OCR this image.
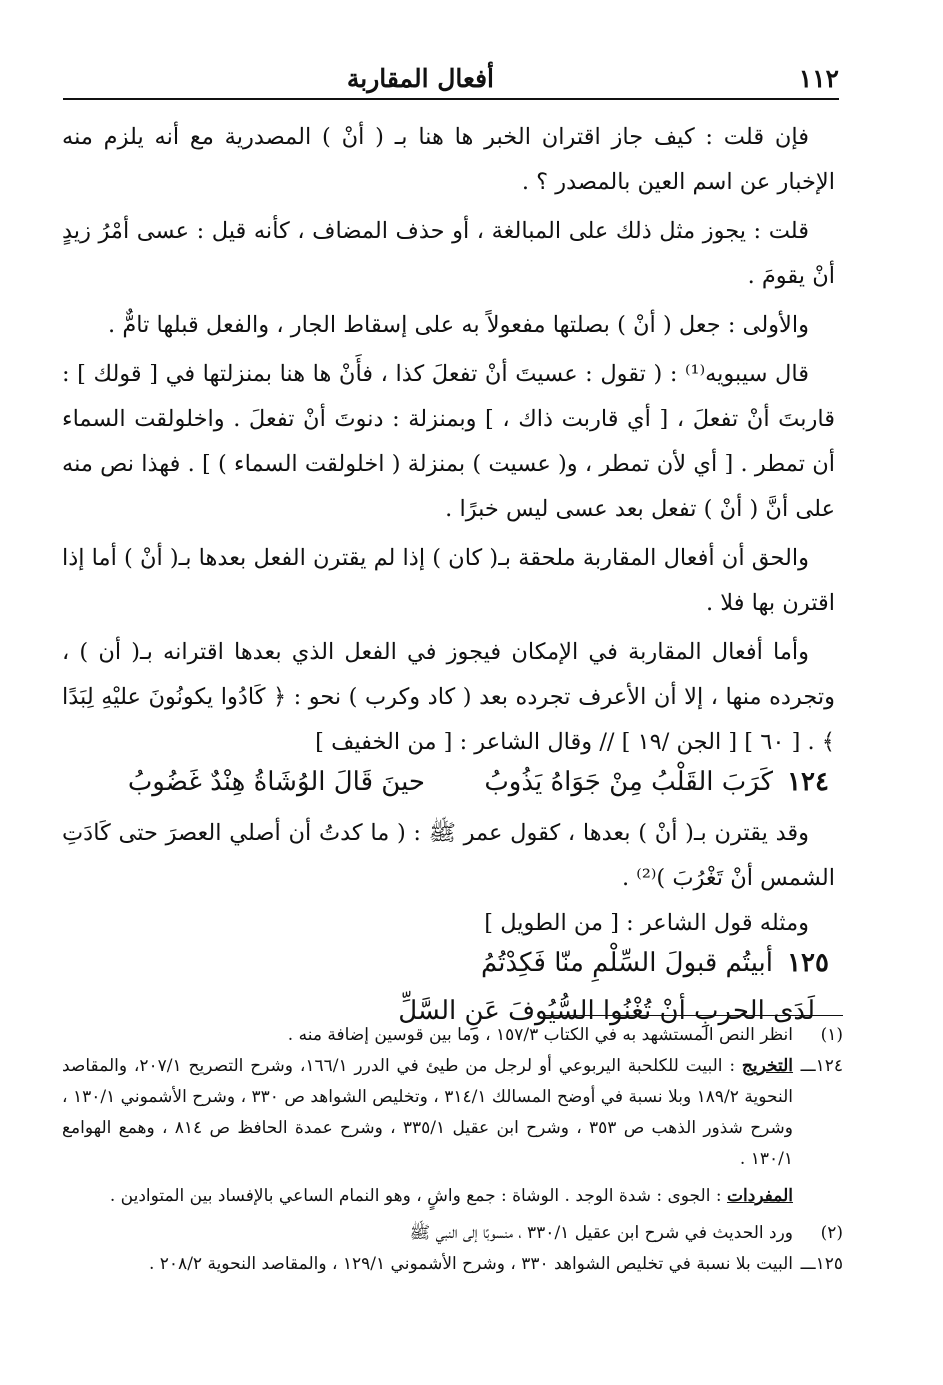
١١٢
أفعال المقاربة

فإن قلت : كيف جاز اقتران الخبر ها هنا بـ ( أنْ ) المصدرية مع أنه يلزم منه الإخبار عن اسم العين بالمصدر ؟ .

قلت : يجوز مثل ذلك على المبالغة ، أو حذف المضاف ، كأنه قيل : عسى أمْرُ زيدٍ أنْ يقومَ .

والأولى : جعل ( أنْ ) بصلتها مفعولاً به على إسقاط الجار ، والفعل قبلها تامٌّ .

قال سيبويه⁽¹⁾ : ( تقول : عسيتَ أنْ تفعلَ كذا ، فأَنْ ها هنا بمنزلتها في [ قولك ] : قاربتَ أنْ تفعلَ ، [ أي قاربت ذاك ، ] وبمنزلة : دنوتَ أنْ تفعلَ . واخلولقت السماء أن تمطر . [ أي لأن تمطر ، و( عسيت ) بمنزلة ( اخلولقت السماء ) ] . فهذا نص منه على أنَّ ( أنْ ) تفعل بعد عسى ليس خبرًا .

والحق أن أفعال المقاربة ملحقة بـ( كان ) إذا لم يقترن الفعل بعدها بـ( أنْ ) أما إذا اقترن بها فلا .

وأما أفعال المقاربة في الإمكان فيجوز في الفعل الذي بعدها اقترانه بـ( أن ) ، وتجرده منها ، إلا أن الأعرف تجرده بعد ( كاد وكرب ) نحو : ﴿ كَادُوا يكونُونَ عليْهِ لِبَدًا ﴾ . [ ٦٠ ] [ الجن /١٩ ] // وقال الشاعر : [ من الخفيف ]

١٢٤
كَرَبَ القَلْبُ مِنْ جَوَاهُ يَذُوبُ
حينَ قَالَ الوُشَاةُ هِنْدٌ غَضُوبُ

وقد يقترن بـ( أنْ ) بعدها ، كقول عمر ﷺ : ( ما كدتُ أن أصلي العصرَ حتى كَادَتِ الشمس أنْ تَغْرُبَ )⁽²⁾ .

ومثله قول الشاعر : [ من الطويل ]

١٢٥
أبيتُم قبولَ السِّلْمِ منّا فَكِدْتُمُ
لَدَى الحربِ أنْ تُغْنُوا السُّيُوفَ عَنِ السَّلِّ
(١)
انظر النص المستشهد به في الكتاب ١٥٧/٣ ، وما بين قوسين إضافة منه .
١٢٤ـــ
التخريج : البيت للكلحبة اليربوعي أو لرجل من طيئ في الدرر ١٦٦/١، وشرح التصريح ٢٠٧/١، والمقاصد النحوية ١٨٩/٢ وبلا نسبة في أوضح المسالك ٣١٤/١ ، وتخليص الشواهد ص ٣٣٠ ، وشرح الأشموني ١٣٠/١ ، وشرح شذور الذهب ص ٣٥٣ ، وشرح ابن عقيل ٣٣٥/١ ، وشرح عمدة الحافظ ص ٨١٤ ، وهمع الهوامع ١٣٠/١ .
المفردات : الجوى : شدة الوجد . الوشاة : جمع واشٍ ، وهو النمام الساعي بالإفساد بين المتوادين .
(٢)
ورد الحديث في شرح ابن عقيل ٣٣٠/١ ، منسوبًا إلى النبي ﷺ
١٢٥ـــ
البيت بلا نسبة في تخليص الشواهد ٣٣٠ ، وشرح الأشموني ١٢٩/١ ، والمقاصد النحوية ٢٠٨/٢ .
